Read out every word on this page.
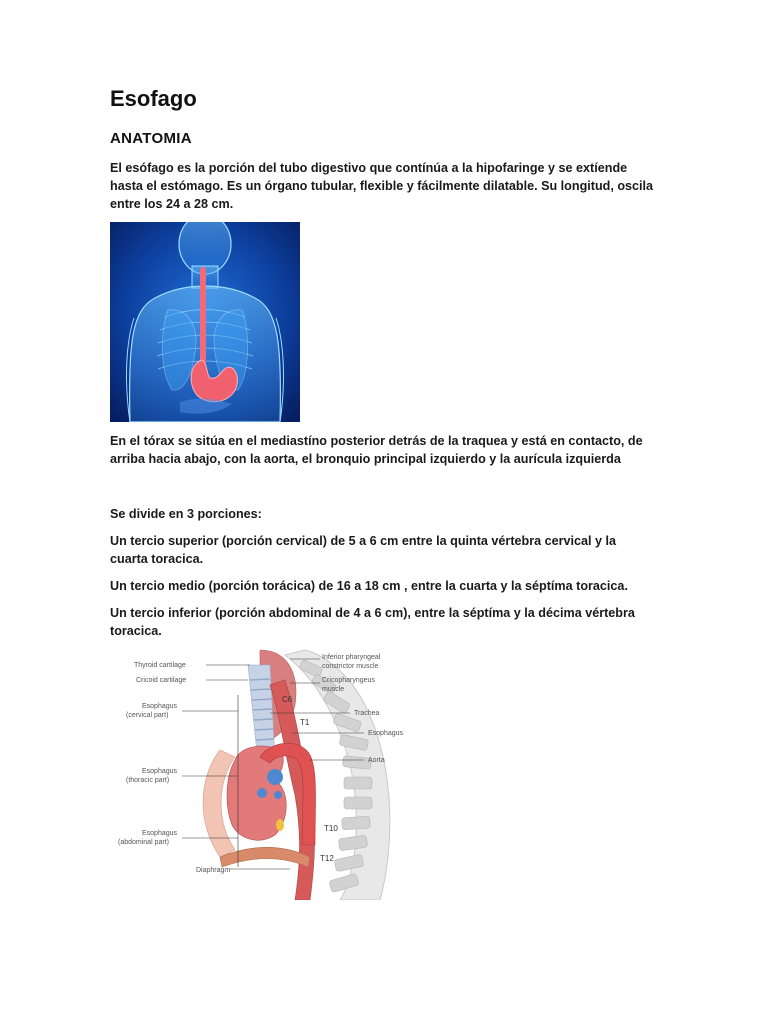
Esofago
ANATOMIA

El esófago es la porción del tubo digestivo que contínúa a la hipofaringe y se extíende hasta el estómago. Es un órgano tubular, flexible y fácilmente dilatable. Su longitud, oscila entre los 24 a 28 cm.

En el tórax se sitúa en el mediastíno posterior detrás de la traquea y está en contacto, de arriba hacia abajo, con la aorta, el bronquio principal izquierdo y la aurícula izquierda

Se divide en 3 porciones:

Un tercio superior (porción cervical) de 5 a 6 cm entre la quinta vértebra cervical y la cuarta toracica.

Un tercio medio (porción torácica) de 16 a 18 cm , entre la cuarta y la séptíma toracica.

Un tercio inferior (porción abdominal de 4 a 6 cm), entre la séptíma y la décima vértebra toracica.

Thyroid cartilage
Cricoid cartilage
Esophagus
(cervical part)
Esophagus
(thoracic part)
Esophagus
(abdominal part)
Diaphragm
Inferior pharyngeal
constrictor muscle
Cricopharyngeus
muscle
Trachea
Esophagus
Aorta
C6
T1
T10
T12
